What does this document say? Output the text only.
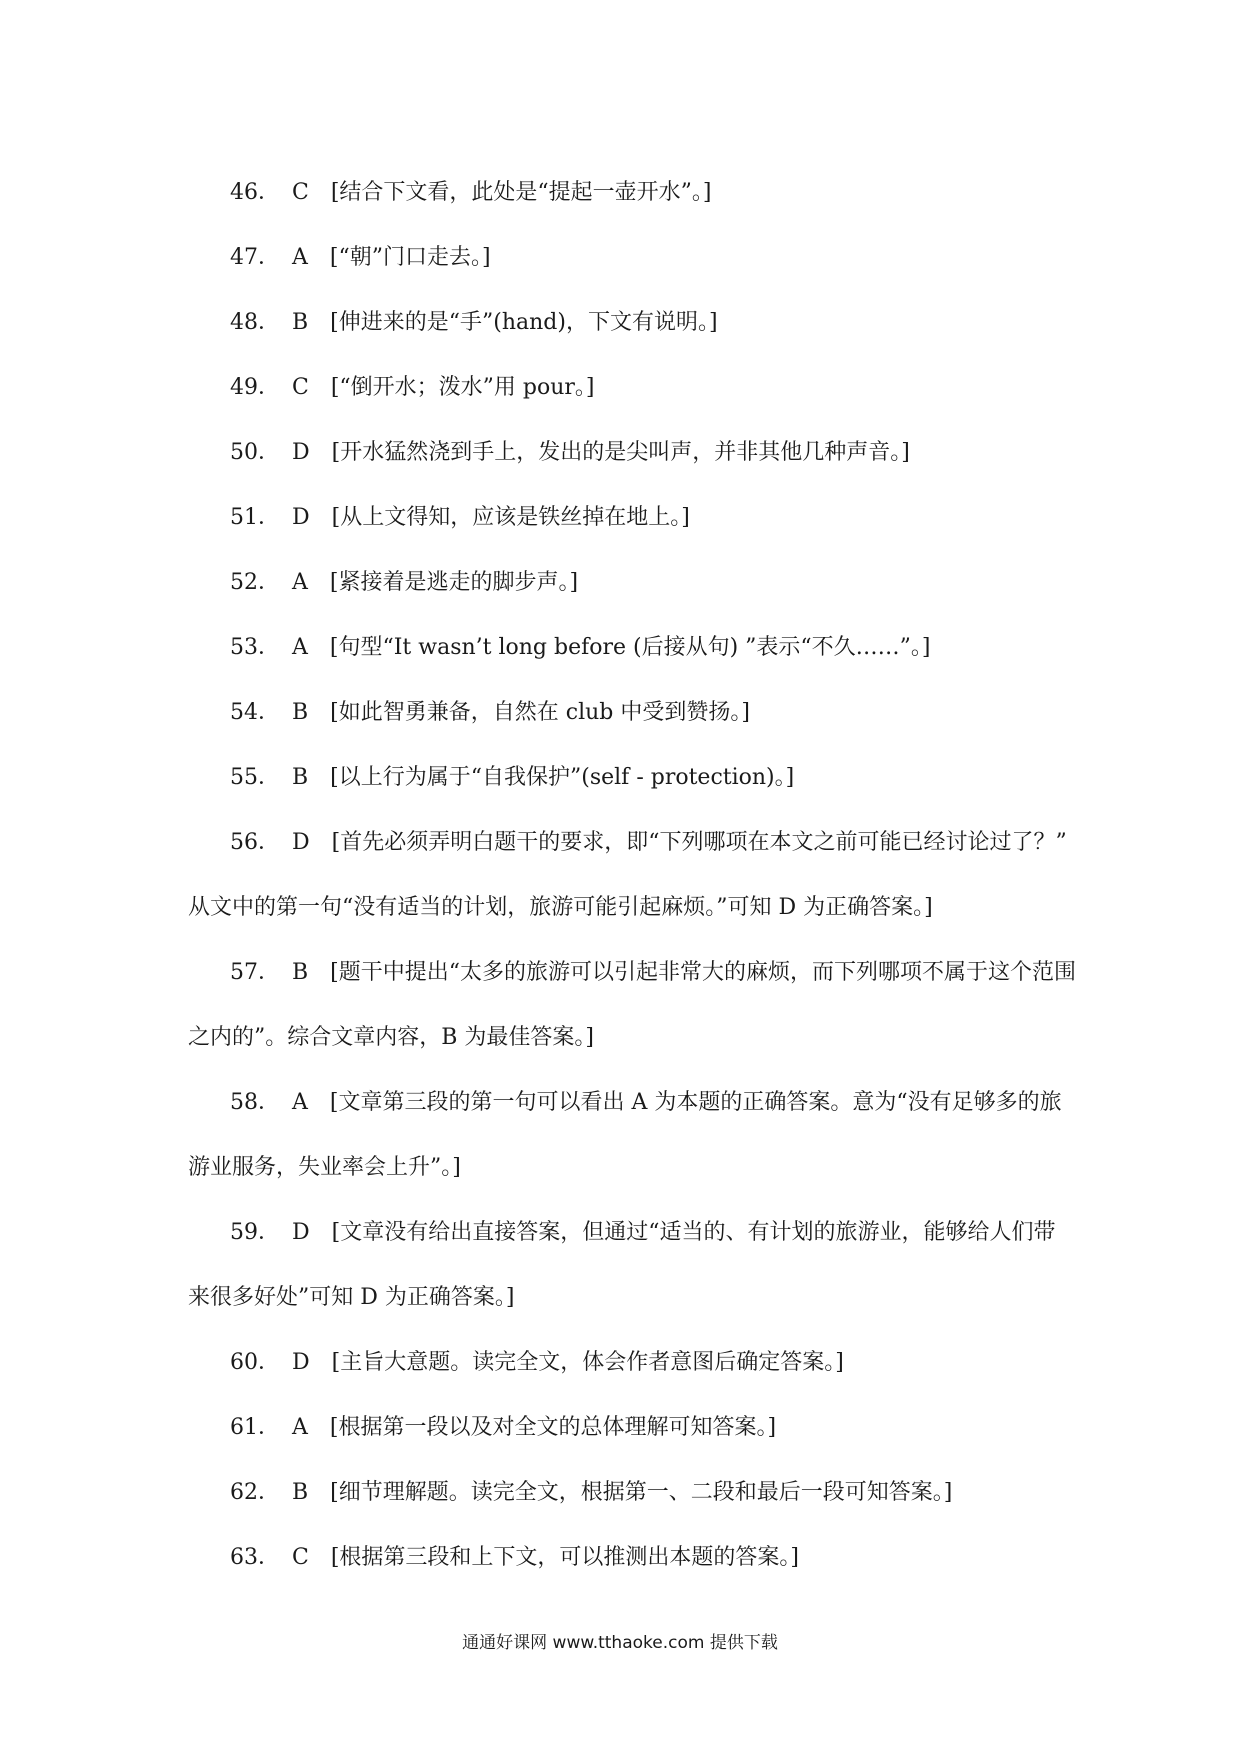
46． C [结合下文看，此处是“提起一壶开水”。]
47． A [“朝”门口走去。]
48． B [伸进来的是“手”(hand)，下文有说明。]
49． C [“倒开水；泼水”用 pour。]
50． D [开水猛然浇到手上，发出的是尖叫声，并非其他几种声音。]
51． D [从上文得知，应该是铁丝掉在地上。]
52． A [紧接着是逃走的脚步声。]
53． A [句型“It wasn’t long before (后接从句) ”表示“不久……”。]
54． B [如此智勇兼备，自然在 club 中受到赞扬。]
55． B [以上行为属于“自我保护”(self - protection)。]
56． D [首先必须弄明白题干的要求，即“下列哪项在本文之前可能已经讨论过了？”
从文中的第一句“没有适当的计划，旅游可能引起麻烦。”可知 D 为正确答案。]
57． B [题干中提出“太多的旅游可以引起非常大的麻烦，而下列哪项不属于这个范围
之内的”。综合文章内容，B 为最佳答案。]
58． A [文章第三段的第一句可以看出 A 为本题的正确答案。意为“没有足够多的旅
游业服务，失业率会上升”。]
59． D [文章没有给出直接答案，但通过“适当的、有计划的旅游业，能够给人们带
来很多好处”可知 D 为正确答案。]
60． D [主旨大意题。读完全文，体会作者意图后确定答案。]
61． A [根据第一段以及对全文的总体理解可知答案。]
62． B [细节理解题。读完全文，根据第一、二段和最后一段可知答案。]
63． C [根据第三段和上下文，可以推测出本题的答案。]
通通好课网 www.tthaoke.com 提供下载
